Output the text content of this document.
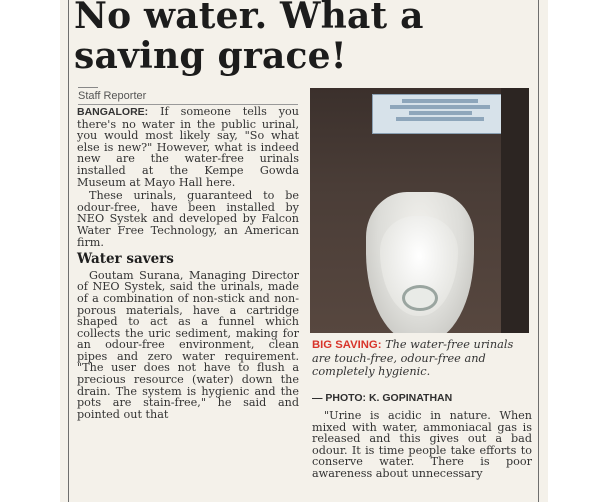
No water. What a saving grace!
Staff Reporter

BANGALORE: If someone tells you there's no water in the public urinal, you would most likely say, "So what else is new?" However, what is indeed new are the water-free urinals installed at the Kempe Gowda Museum at Mayo Hall here.

These urinals, guaranteed to be odour-free, have been installed by NEO Systek and developed by Falcon Water Free Technology, an American firm.

Water savers

Goutam Surana, Managing Director of NEO Systek, said the urinals, made of a combination of non-stick and non-porous materials, have a cartridge shaped to act as a funnel which collects the uric sediment, making for an odour-free environment, clean pipes and zero water requirement. "The user does not have to flush a precious resource (water) down the drain. The system is hygienic and the pots are stain-free," he said and pointed out that

BIG SAVING: The water-free urinals are touch-free, odour-free and completely hygienic.
— PHOTO: K. GOPINATHAN

"Urine is acidic in nature. When mixed with water, ammoniacal gas is released and this gives out a bad odour. It is time people take efforts to conserve water. There is poor awareness about unnecessary
